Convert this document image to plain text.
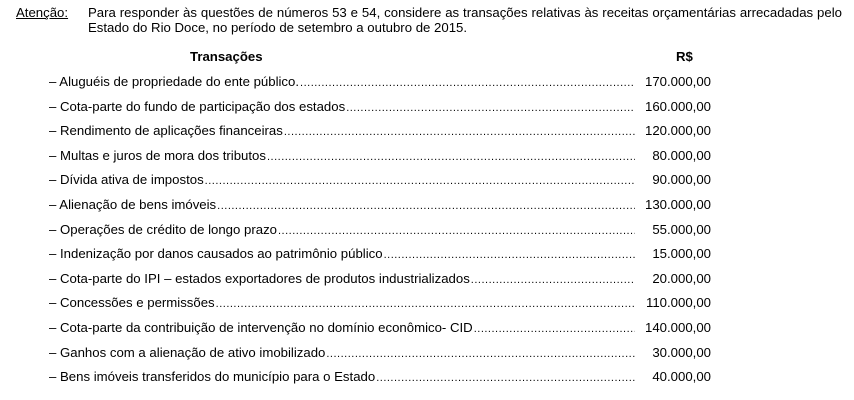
Atenção: Para responder às questões de números 53 e 54, considere as transações relativas às receitas orçamentárias arrecadadas pelo Estado do Rio Doce, no período de setembro a outubro de 2015.
Transações	R$
– Aluguéis de propriedade do ente público. .....	170.000,00
– Cota-parte do fundo de participação dos estados .....	160.000,00
– Rendimento de aplicações financeiras .....	120.000,00
– Multas e juros de mora dos tributos .....	80.000,00
– Dívida ativa de impostos .....	90.000,00
– Alienação de bens imóveis .....	130.000,00
– Operações de crédito de longo prazo .....	55.000,00
– Indenização por danos causados ao patrimônio público .....	15.000,00
– Cota-parte do IPI – estados exportadores de produtos industrializados .....	20.000,00
– Concessões e permissões .....	110.000,00
– Cota-parte da contribuição de intervenção no domínio econômico- CID .....	140.000,00
– Ganhos com a alienação de ativo imobilizado .....	30.000,00
– Bens imóveis transferidos do município para o Estado .....	40.000,00
